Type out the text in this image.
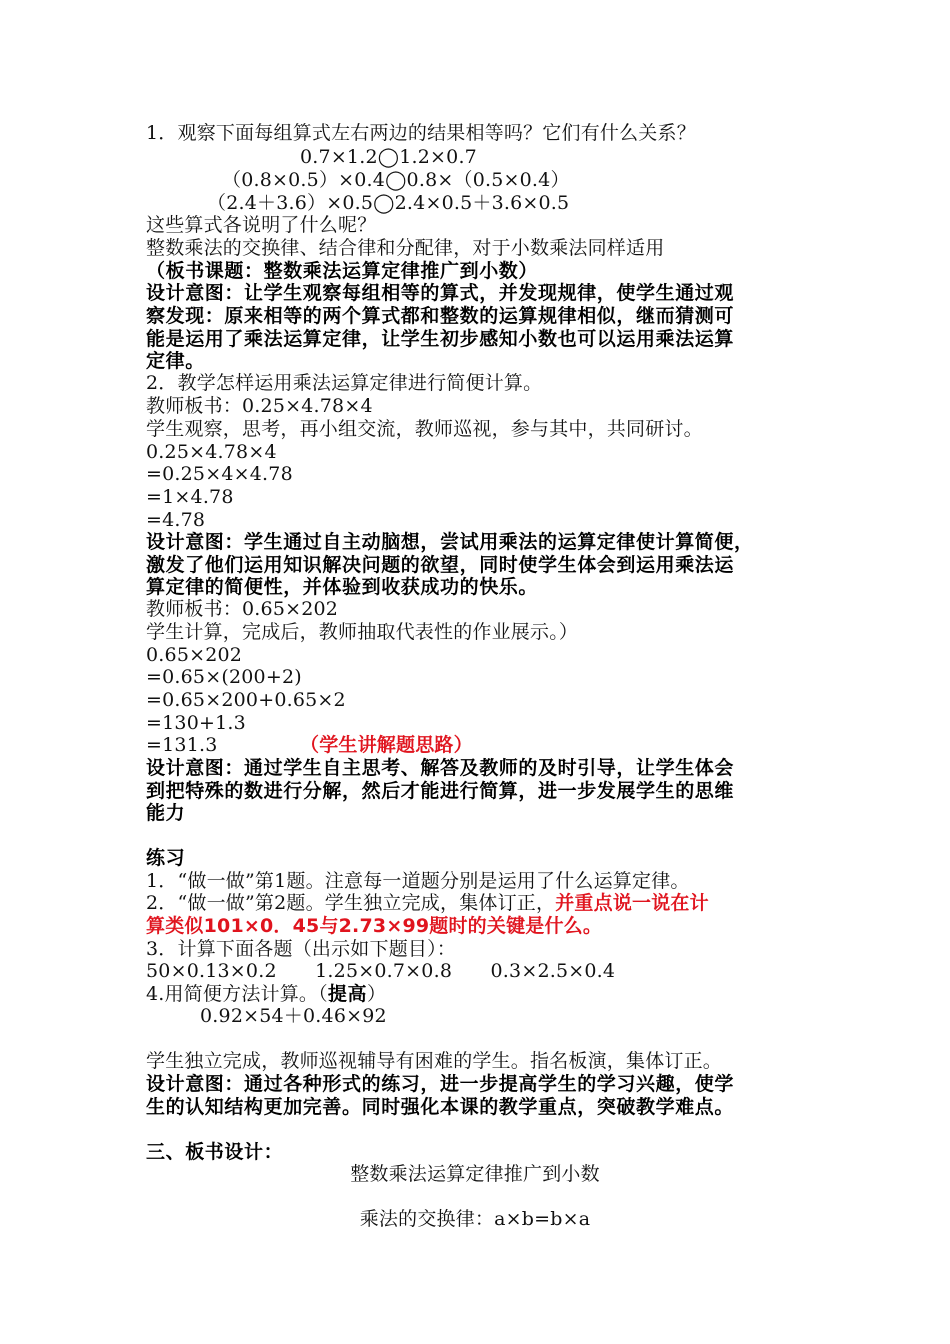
1．观察下面每组算式左右两边的结果相等吗？它们有什么关系？
0.7×1.2◯1.2×0.7
（0.8×0.5）×0.4◯0.8×（0.5×0.4）
（2.4＋3.6）×0.5◯2.4×0.5＋3.6×0.5
这些算式各说明了什么呢？
整数乘法的交换律、结合律和分配律，对于小数乘法同样适用
（板书课题：整数乘法运算定律推广到小数）
设计意图：让学生观察每组相等的算式，并发现规律，使学生通过观
察发现：原来相等的两个算式都和整数的运算规律相似，继而猜测可
能是运用了乘法运算定律，让学生初步感知小数也可以运用乘法运算
定律。
2．教学怎样运用乘法运算定律进行简便计算。
教师板书：0.25×4.78×4
学生观察，思考，再小组交流，教师巡视，参与其中，共同研讨。
0.25×4.78×4
=0.25×4×4.78
=1×4.78
=4.78
设计意图：学生通过自主动脑想，尝试用乘法的运算定律使计算简便，
激发了他们运用知识解决问题的欲望，同时使学生体会到运用乘法运
算定律的简便性，并体验到收获成功的快乐。
教师板书：0.65×202
学生计算，完成后，教师抽取代表性的作业展示。）
0.65×202
=0.65×(200+2)
=0.65×200+0.65×2
=130+1.3
=131.3	（学生讲解题思路）
设计意图：通过学生自主思考、解答及教师的及时引导，让学生体会
到把特殊的数进行分解，然后才能进行简算，进一步发展学生的思维
能力
练习
1．“做一做”第1题。注意每一道题分别是运用了什么运算定律。
2．“做一做”第2题。学生独立完成，集体订正，并重点说一说在计
算类似101×0．45与2.73×99题时的关键是什么。
3．计算下面各题（出示如下题目）：
50×0.13×0.2　　1.25×0.7×0.8　　0.3×2.5×0.4
4.用简便方法计算。（提高）
0.92×54＋0.46×92
学生独立完成，教师巡视辅导有困难的学生。指名板演，集体订正。
设计意图：通过各种形式的练习，进一步提高学生的学习兴趣，使学
生的认知结构更加完善。同时强化本课的教学重点，突破教学难点。
三、板书设计：
整数乘法运算定律推广到小数
乘法的交换律：a×b=b×a
